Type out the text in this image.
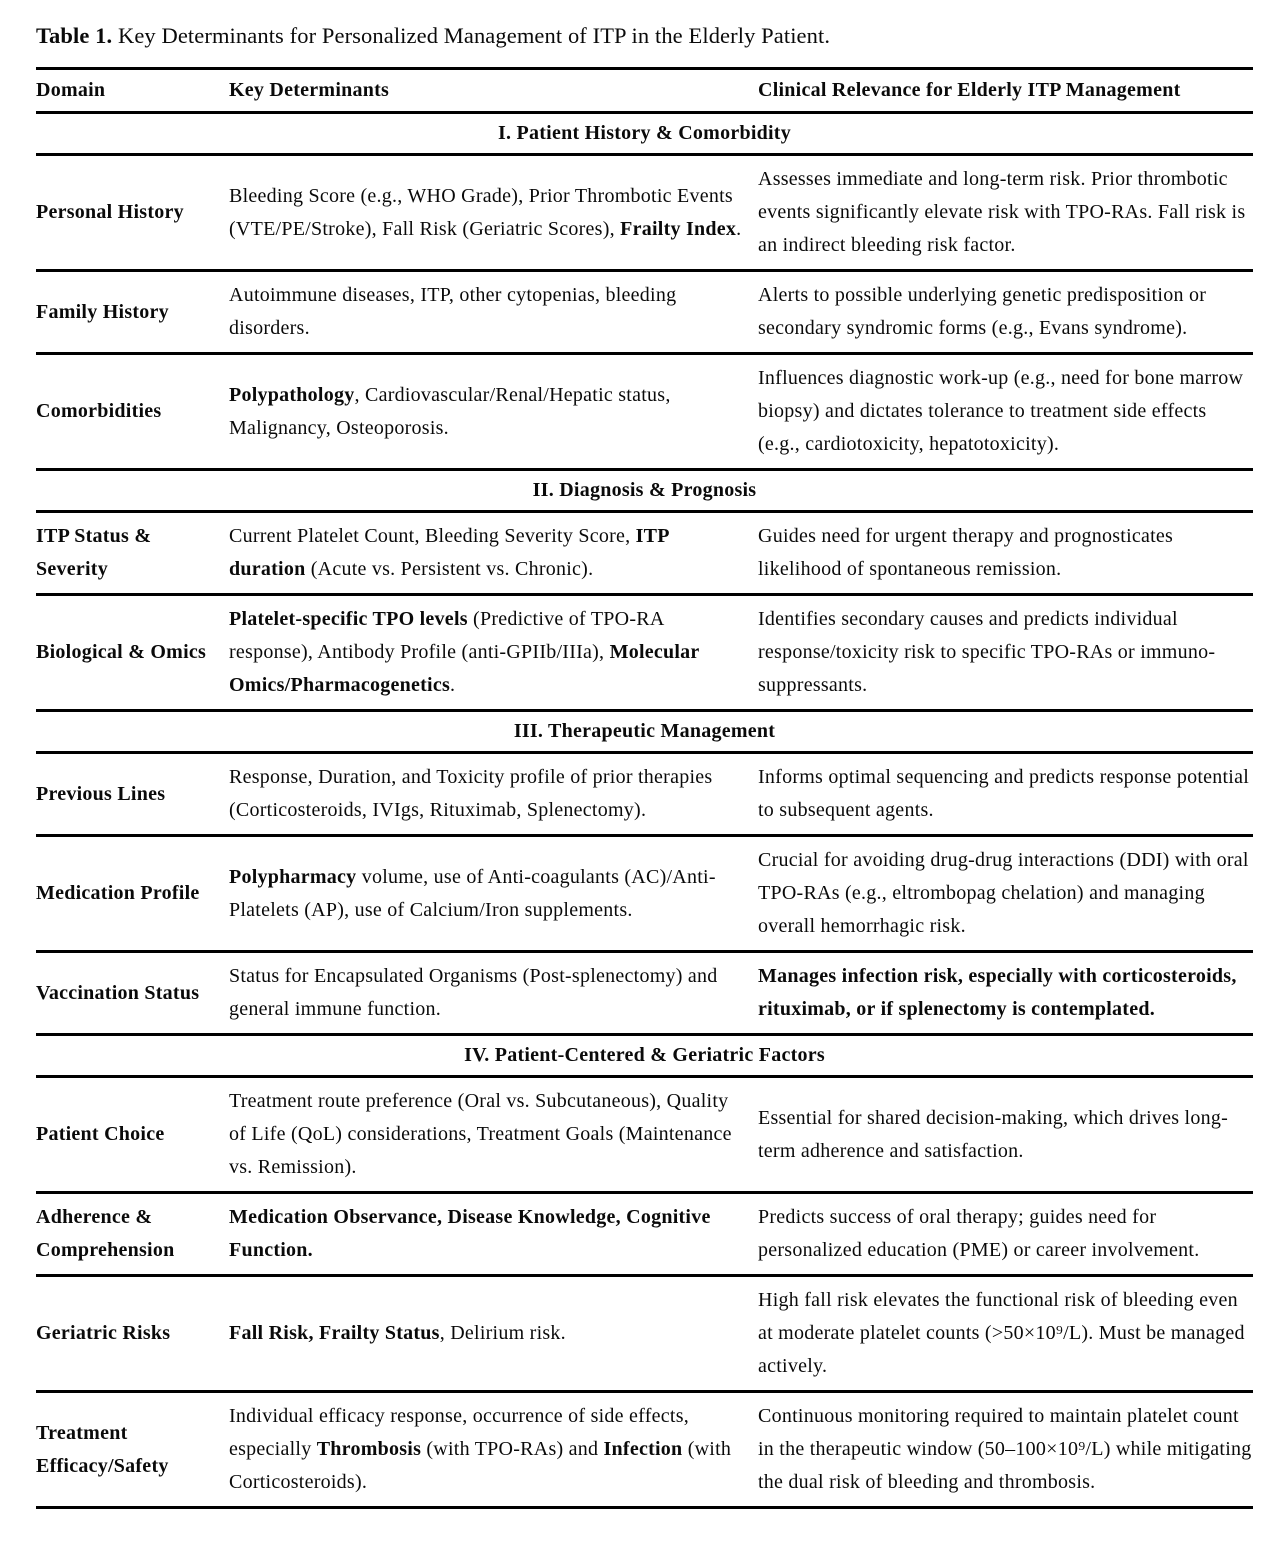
Table 1. Key Determinants for Personalized Management of ITP in the Elderly Patient.

Domain	Key Determinants	Clinical Relevance for Elderly ITP Management
I. Patient History & Comorbidity		
Personal History	Bleeding Score (e.g., WHO Grade), Prior Thrombotic Events (VTE/PE/Stroke), Fall Risk (Geriatric Scores), Frailty Index.	Assesses immediate and long-term risk. Prior thrombotic events significantly elevate risk with TPO-RAs. Fall risk is an indirect bleeding risk factor.
Family History	Autoimmune diseases, ITP, other cytopenias, bleeding disorders.	Alerts to possible underlying genetic predisposition or secondary syndromic forms (e.g., Evans syndrome).
Comorbidities	Polypathology, Cardiovascular/Renal/Hepatic status, Malignancy, Osteoporosis.	Influences diagnostic work-up (e.g., need for bone marrow biopsy) and dictates tolerance to treatment side effects (e.g., cardiotoxicity, hepatotoxicity).
II. Diagnosis & Prognosis		
ITP Status & Severity	Current Platelet Count, Bleeding Severity Score, ITP duration (Acute vs. Persistent vs. Chronic).	Guides need for urgent therapy and prognosticates likelihood of spontaneous remission.
Biological & Omics	Platelet-specific TPO levels (Predictive of TPO-RA response), Antibody Profile (anti-GPIIb/IIIa), Molecular Omics/Pharmacogenetics.	Identifies secondary causes and predicts individual response/toxicity risk to specific TPO-RAs or immuno-suppressants.
III. Therapeutic Management		
Previous Lines	Response, Duration, and Toxicity profile of prior therapies (Corticosteroids, IVIgs, Rituximab, Splenectomy).	Informs optimal sequencing and predicts response potential to subsequent agents.
Medication Profile	Polypharmacy volume, use of Anti-coagulants (AC)/Anti-Platelets (AP), use of Calcium/Iron supplements.	Crucial for avoiding drug-drug interactions (DDI) with oral TPO-RAs (e.g., eltrombopag chelation) and managing overall hemorrhagic risk.
Vaccination Status	Status for Encapsulated Organisms (Post-splenectomy) and general immune function.	Manages infection risk, especially with corticosteroids, rituximab, or if splenectomy is contemplated.
IV. Patient-Centered & Geriatric Factors		
Patient Choice	Treatment route preference (Oral vs. Subcutaneous), Quality of Life (QoL) considerations, Treatment Goals (Maintenance vs. Remission).	Essential for shared decision-making, which drives long-term adherence and satisfaction.
Adherence & Comprehension	Medication Observance, Disease Knowledge, Cognitive Function.	Predicts success of oral therapy; guides need for personalized education (PME) or career involvement.
Geriatric Risks	Fall Risk, Frailty Status, Delirium risk.	High fall risk elevates the functional risk of bleeding even at moderate platelet counts (>50×10⁹/L). Must be managed actively.
Treatment Efficacy/Safety	Individual efficacy response, occurrence of side effects, especially Thrombosis (with TPO-RAs) and Infection (with Corticosteroids).	Continuous monitoring required to maintain platelet count in the therapeutic window (50–100×10⁹/L) while mitigating the dual risk of bleeding and thrombosis.
